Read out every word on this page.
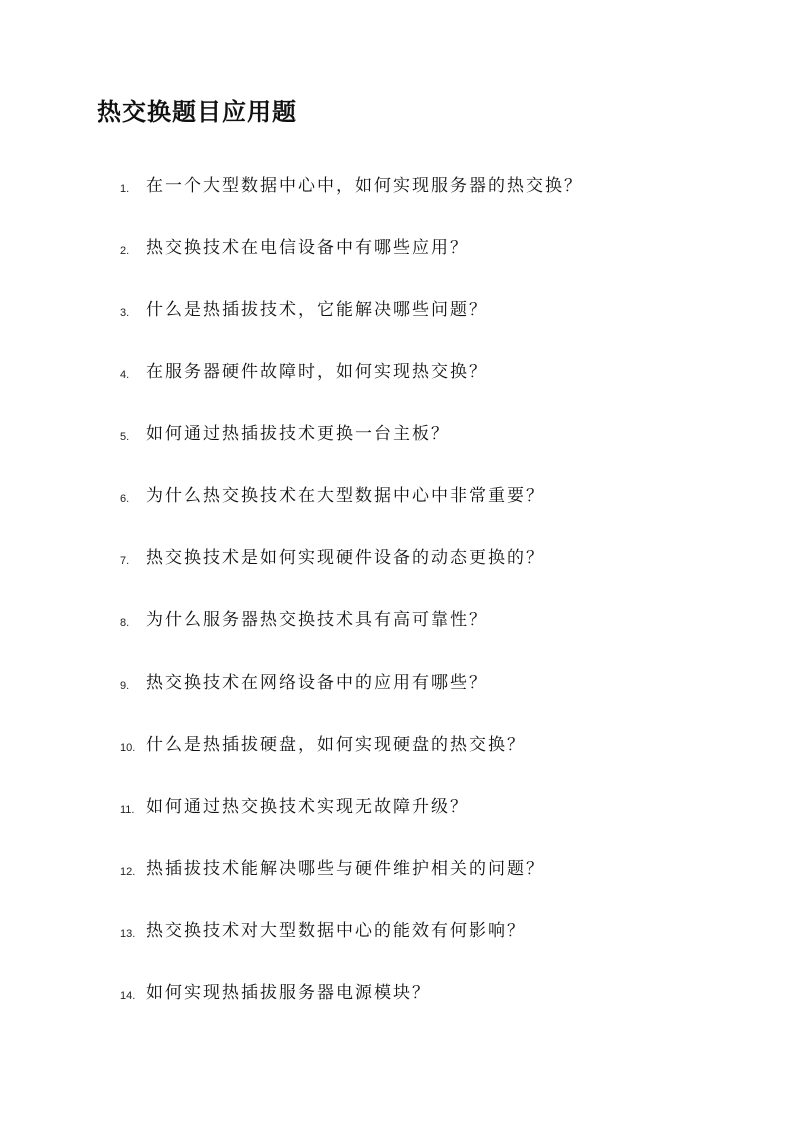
热交换题目应用题
1. 在一个大型数据中心中，如何实现服务器的热交换？
2. 热交换技术在电信设备中有哪些应用？
3. 什么是热插拔技术，它能解决哪些问题？
4. 在服务器硬件故障时，如何实现热交换？
5. 如何通过热插拔技术更换一台主板？
6. 为什么热交换技术在大型数据中心中非常重要？
7. 热交换技术是如何实现硬件设备的动态更换的？
8. 为什么服务器热交换技术具有高可靠性？
9. 热交换技术在网络设备中的应用有哪些？
10. 什么是热插拔硬盘，如何实现硬盘的热交换？
11. 如何通过热交换技术实现无故障升级？
12. 热插拔技术能解决哪些与硬件维护相关的问题？
13. 热交换技术对大型数据中心的能效有何影响？
14. 如何实现热插拔服务器电源模块？
